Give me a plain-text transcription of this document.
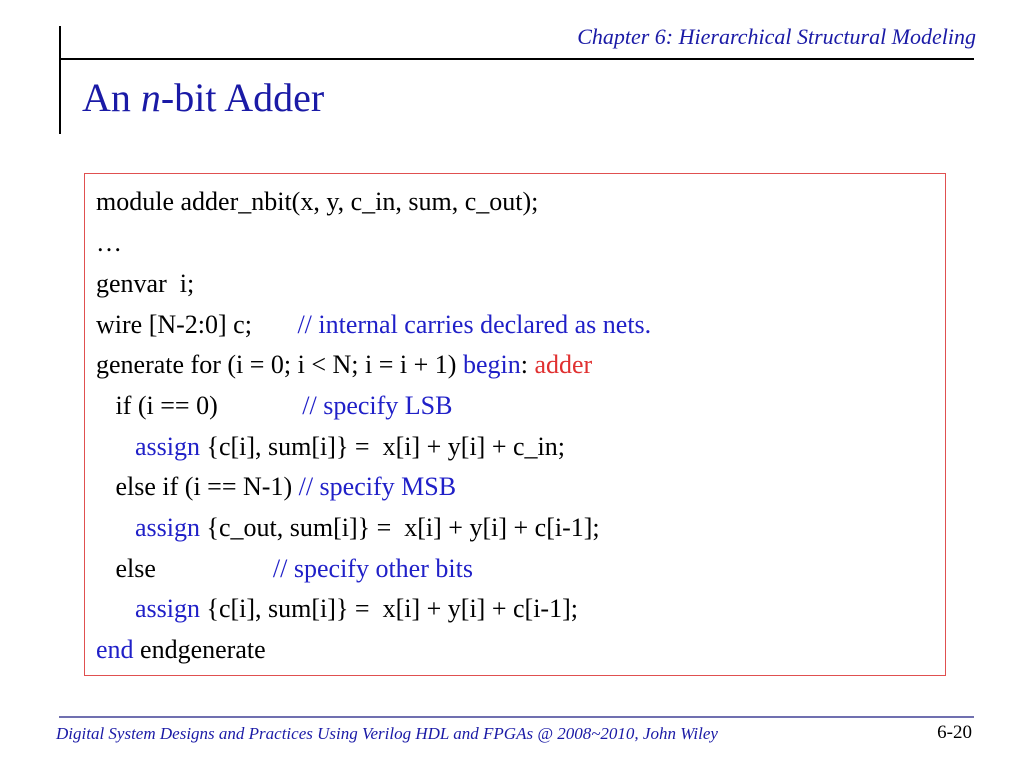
Chapter 6: Hierarchical Structural Modeling
An n-bit Adder
module adder_nbit(x, y, c_in, sum, c_out);
…
genvar  i;
wire [N-2:0] c;       // internal carries declared as nets.
generate for (i = 0; i < N; i = i + 1) begin: adder
if (i == 0)             // specify LSB
assign {c[i], sum[i]} =  x[i] + y[i] + c_in;
else if (i == N-1) // specify MSB
assign {c_out, sum[i]} =  x[i] + y[i] + c[i-1];
else                  // specify other bits
assign {c[i], sum[i]} =  x[i] + y[i] + c[i-1];
end endgenerate
Digital System Designs and Practices Using Verilog HDL and FPGAs @ 2008~2010, John Wiley	6-20
